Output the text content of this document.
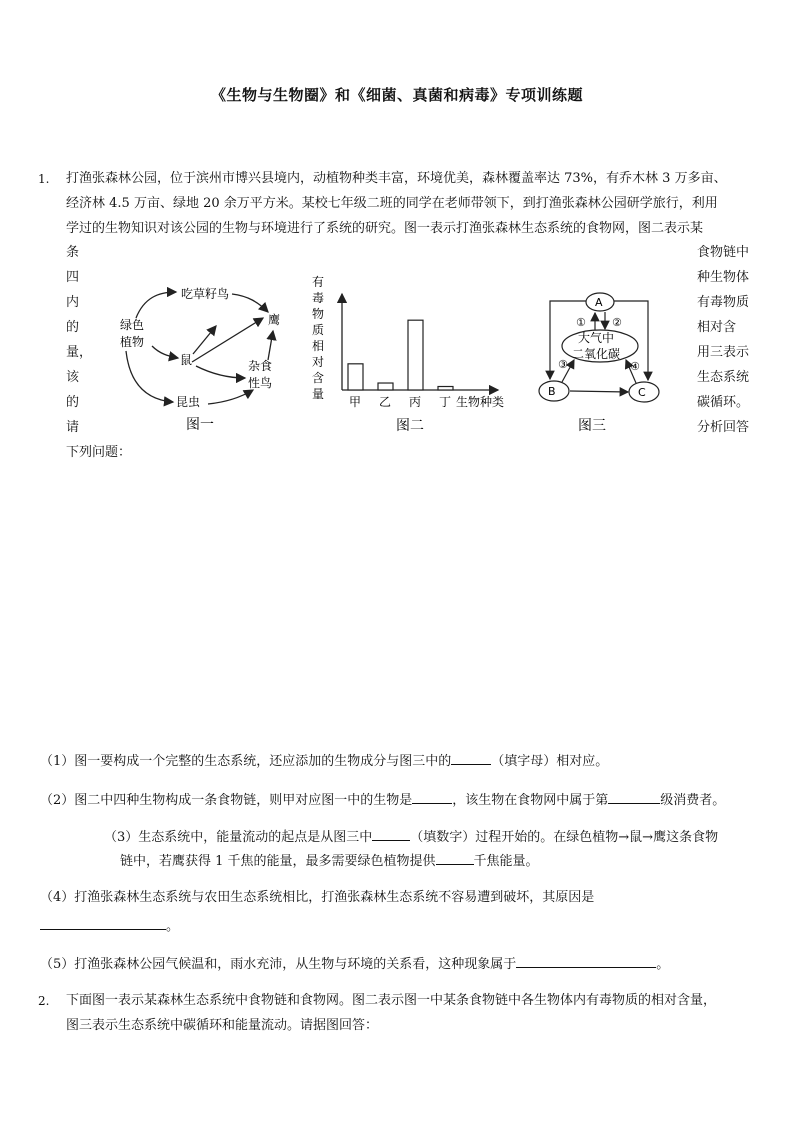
《生物与生物圈》和《细菌、真菌和病毒》专项训练题
1. 打渔张森林公园，位于滨州市博兴县境内，动植物种类丰富，环境优美，森林覆盖率达 73%，有乔木林 3 万多亩、
经济林 4.5 万亩、绿地 20 余万平方米。某校七年级二班的同学在老师带领下，到打渔张森林公园研学旅行，利用
学过的生物知识对该公园的生物与环境进行了系统的研究。图一表示打渔张森林生态系统的食物网，图二表示某
条
四
内
的
量，
该
的
请
食物链中
种生物体
有毒物质
相对含
用三表示
生态系统
碳循环。
分析回答
下列问题：
绿色
植物
吃草籽鸟
鹰
鼠	杂食
性鸟
昆虫
图一
有
毒
物
质
相
对
含
量
甲 乙 丙 丁 生物种类
图二
A
大气中
二氧化碳
B	C
① ②
③	④
图三
（1）图一要构成一个完整的生态系统，还应添加的生物成分与图三中的	（填字母）相对应。
（2）图二中四种生物构成一条食物链，则甲对应图一中的生物是	，该生物在食物网中属于第	级消费者。
（3）生态系统中，能量流动的起点是从图三中	（填数字）过程开始的。在绿色植物→鼠→鹰这条食物
链中，若鹰获得 1 千焦的能量，最多需要绿色植物提供	千焦能量。
（4）打渔张森林生态系统与农田生态系统相比，打渔张森林生态系统不容易遭到破坏，其原因是
。
（5）打渔张森林公园气候温和，雨水充沛，从生物与环境的关系看，这种现象属于	。
2. 下面图一表示某森林生态系统中食物链和食物网。图二表示图一中某条食物链中各生物体内有毒物质的相对含量，
图三表示生态系统中碳循环和能量流动。请据图回答：
